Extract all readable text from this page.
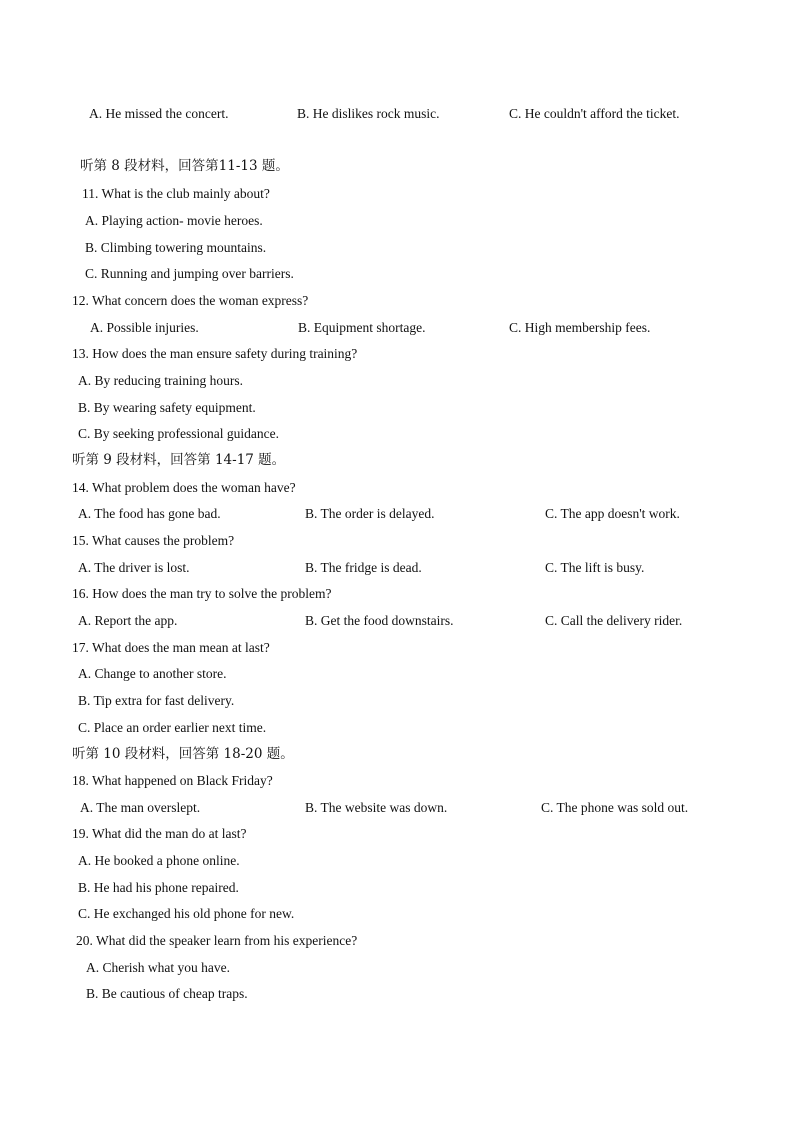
A. He missed the concert.	B. He dislikes rock music.	C. He couldn't afford the ticket.
听第 8 段材料，回答第11-13 题。
11. What is the club mainly about?
A. Playing action- movie heroes.
B. Climbing towering mountains.
C. Running and jumping over barriers.
12. What concern does the woman express?
A. Possible injuries.	B. Equipment shortage.	C. High membership fees.
13. How does the man ensure safety during training?
A. By reducing training hours.
B. By wearing safety equipment.
C. By seeking professional guidance.
听第 9 段材料，回答第 14-17 题。
14. What problem does the woman have?
A. The food has gone bad.	B. The order is delayed.	C. The app doesn't work.
15. What causes the problem?
A. The driver is lost.	B. The fridge is dead.	C. The lift is busy.
16. How does the man try to solve the problem?
A. Report the app.	B. Get the food downstairs.	C. Call the delivery rider.
17. What does the man mean at last?
A. Change to another store.
B. Tip extra for fast delivery.
C. Place an order earlier next time.
听第 10 段材料，回答第 18-20 题。
18. What happened on Black Friday?
A. The man overslept.	B. The website was down.	C. The phone was sold out.
19. What did the man do at last?
A. He booked a phone online.
B. He had his phone repaired.
C. He exchanged his old phone for new.
20. What did the speaker learn from his experience?
A. Cherish what you have.
B. Be cautious of cheap traps.
